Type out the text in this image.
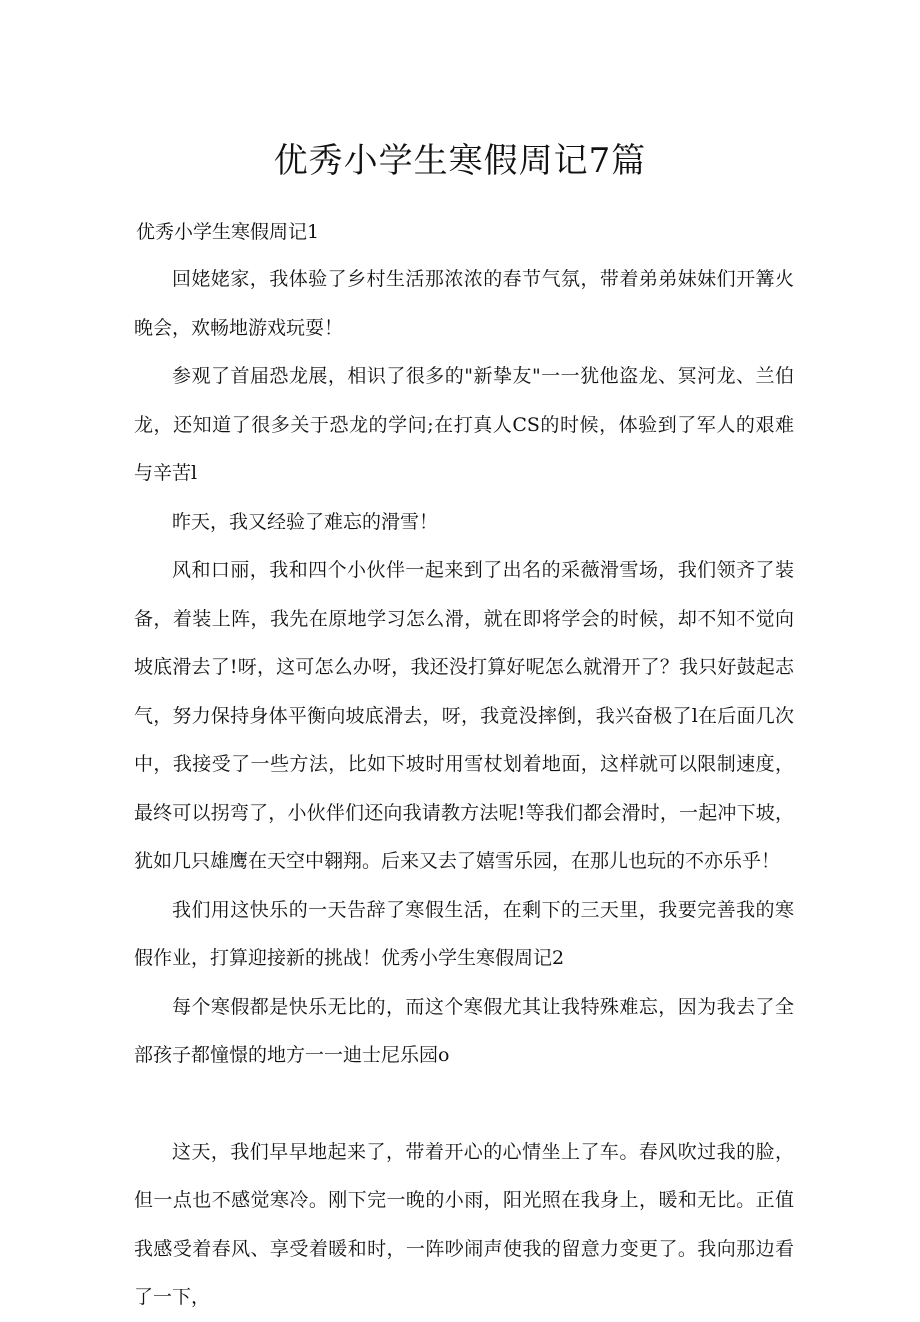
优秀小学生寒假周记7篇
优秀小学生寒假周记1

回姥姥家，我体验了乡村生活那浓浓的春节气氛，带着弟弟妹妹们开篝火晚会，欢畅地游戏玩耍！

参观了首届恐龙展，相识了很多的"新挚友"一一犹他盗龙、冥河龙、兰伯龙，还知道了很多关于恐龙的学问;在打真人CS的时候，体验到了军人的艰难与辛苦l

昨天，我又经验了难忘的滑雪！

风和口丽，我和四个小伙伴一起来到了出名的采薇滑雪场，我们领齐了装备，着装上阵，我先在原地学习怎么滑，就在即将学会的时候，却不知不觉向坡底滑去了!呀，这可怎么办呀，我还没打算好呢怎么就滑开了？我只好鼓起志气，努力保持身体平衡向坡底滑去，呀，我竟没摔倒，我兴奋极了l在后面几次中，我接受了一些方法，比如下坡时用雪杖划着地面，这样就可以限制速度，最终可以拐弯了，小伙伴们还向我请教方法呢!等我们都会滑时，一起冲下坡，犹如几只雄鹰在天空中翱翔。后来又去了嬉雪乐园，在那儿也玩的不亦乐乎！

我们用这快乐的一天告辞了寒假生活，在剩下的三天里，我要完善我的寒假作业，打算迎接新的挑战！优秀小学生寒假周记2

每个寒假都是快乐无比的，而这个寒假尤其让我特殊难忘，因为我去了全部孩子都憧憬的地方一一迪士尼乐园o

这天，我们早早地起来了，带着开心的心情坐上了车。春风吹过我的脸，但一点也不感觉寒冷。刚下完一晚的小雨，阳光照在我身上，暖和无比。正值我感受着春风、享受着暖和时，一阵吵闹声使我的留意力变更了。我向那边看了一下，
